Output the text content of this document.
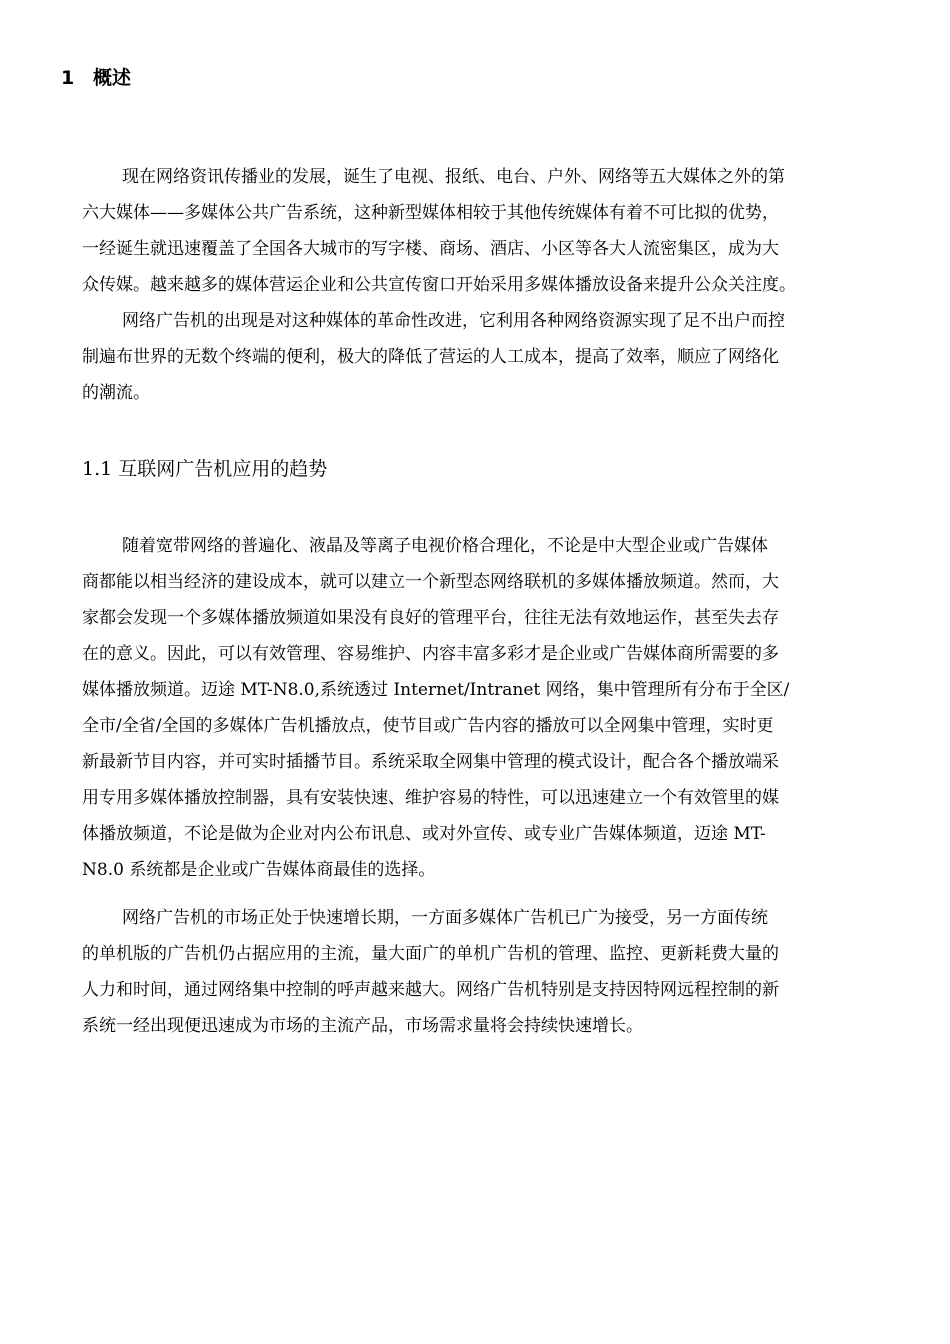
1 概述
现在网络资讯传播业的发展，诞生了电视、报纸、电台、户外、网络等五大媒体之外的第
六大媒体——多媒体公共广告系统，这种新型媒体相较于其他传统媒体有着不可比拟的优势，
一经诞生就迅速覆盖了全国各大城市的写字楼、商场、酒店、小区等各大人流密集区，成为大
众传媒。越来越多的媒体营运企业和公共宣传窗口开始采用多媒体播放设备来提升公众关注度。
网络广告机的出现是对这种媒体的革命性改进，它利用各种网络资源实现了足不出户而控
制遍布世界的无数个终端的便利，极大的降低了营运的人工成本，提高了效率，顺应了网络化
的潮流。
1.1 互联网广告机应用的趋势
随着宽带网络的普遍化、液晶及等离子电视价格合理化，不论是中大型企业或广告媒体
商都能以相当经济的建设成本，就可以建立一个新型态网络联机的多媒体播放频道。然而，大
家都会发现一个多媒体播放频道如果没有良好的管理平台，往往无法有效地运作，甚至失去存
在的意义。因此，可以有效管理、容易维护、内容丰富多彩才是企业或广告媒体商所需要的多
媒体播放频道。迈途 MT-N8.0,系统透过 Internet/Intranet 网络，集中管理所有分布于全区/
全市/全省/全国的多媒体广告机播放点，使节目或广告内容的播放可以全网集中管理，实时更
新最新节目内容，并可实时插播节目。系统采取全网集中管理的模式设计，配合各个播放端采
用专用多媒体播放控制器，具有安装快速、维护容易的特性，可以迅速建立一个有效管里的媒
体播放频道，不论是做为企业对内公布讯息、或对外宣传、或专业广告媒体频道，迈途 MT-
N8.0 系统都是企业或广告媒体商最佳的选择。
网络广告机的市场正处于快速增长期，一方面多媒体广告机已广为接受，另一方面传统
的单机版的广告机仍占据应用的主流，量大面广的单机广告机的管理、监控、更新耗费大量的
人力和时间，通过网络集中控制的呼声越来越大。网络广告机特别是支持因特网远程控制的新
系统一经出现便迅速成为市场的主流产品，市场需求量将会持续快速增长。
